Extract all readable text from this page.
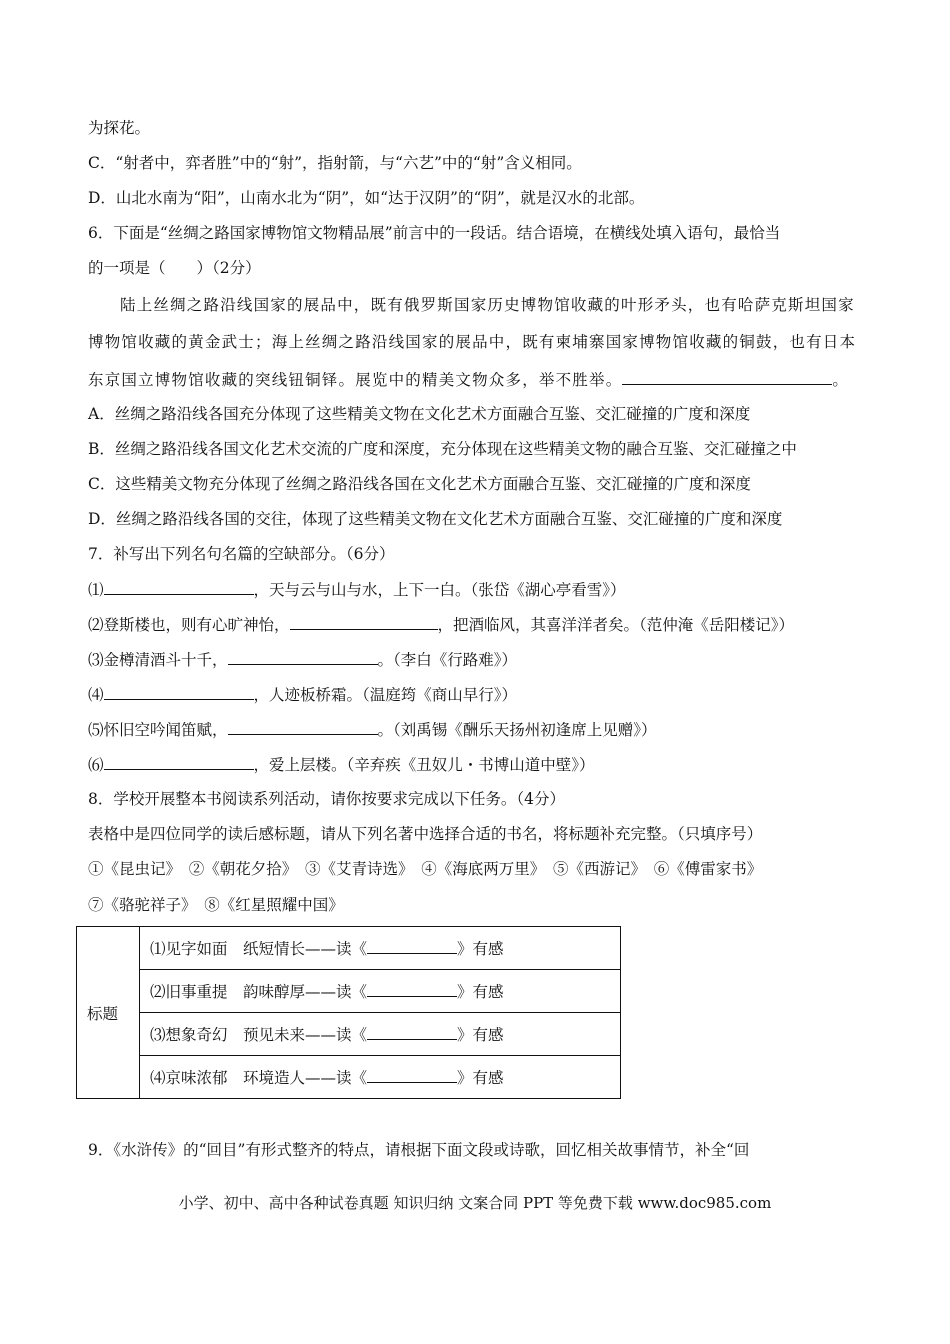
为探花。
C．“射者中，弈者胜”中的“射”，指射箭，与“六艺”中的“射”含义相同。
D．山北水南为“阳”，山南水北为“阴”，如“达于汉阴”的“阴”，就是汉水的北部。
6．下面是“丝绸之路国家博物馆文物精品展”前言中的一段话。结合语境，在横线处填入语句，最恰当
的一项是（　　）（2分）
陆上丝绸之路沿线国家的展品中，既有俄罗斯国家历史博物馆收藏的叶形矛头，也有哈萨克斯坦国家
博物馆收藏的黄金武士；海上丝绸之路沿线国家的展品中，既有柬埔寨国家博物馆收藏的铜鼓，也有日本
东京国立博物馆收藏的突线钮铜铎。展览中的精美文物众多，举不胜举。	。
A．丝绸之路沿线各国充分体现了这些精美文物在文化艺术方面融合互鉴、交汇碰撞的广度和深度
B．丝绸之路沿线各国文化艺术交流的广度和深度，充分体现在这些精美文物的融合互鉴、交汇碰撞之中
C．这些精美文物充分体现了丝绸之路沿线各国在文化艺术方面融合互鉴、交汇碰撞的广度和深度
D．丝绸之路沿线各国的交往，体现了这些精美文物在文化艺术方面融合互鉴、交汇碰撞的广度和深度
7．补写出下列名句名篇的空缺部分。（6分）
⑴	，天与云与山与水，上下一白。（张岱《湖心亭看雪》）
⑵登斯楼也，则有心旷神怡，	，把酒临风，其喜洋洋者矣。（范仲淹《岳阳楼记》）
⑶金樽清酒斗十千，	。（李白《行路难》）
⑷	，人迹板桥霜。（温庭筠《商山早行》）
⑸怀旧空吟闻笛赋，	。（刘禹锡《酬乐天扬州初逢席上见赠》）
⑹	，爱上层楼。（辛弃疾《丑奴儿・书博山道中壁》）
8．学校开展整本书阅读系列活动，请你按要求完成以下任务。（4分）
表格中是四位同学的读后感标题，请从下列名著中选择合适的书名，将标题补充完整。（只填序号）
①《昆虫记》　②《朝花夕拾》　③《艾青诗选》　④《海底两万里》　⑤《西游记》　⑥《傅雷家书》
⑦《骆驼祥子》　⑧《红星照耀中国》
标题	⑴见字如面　纸短情长——读《	》有感
⑵旧事重提　韵味醇厚——读《	》有感
⑶想象奇幻　预见未来——读《	》有感
⑷京味浓郁　环境造人——读《	》有感
9．《水浒传》的“回目”有形式整齐的特点，请根据下面文段或诗歌，回忆相关故事情节，补全“回
小学、初中、高中各种试卷真题 知识归纳 文案合同 PPT 等免费下载 www.doc985.com
